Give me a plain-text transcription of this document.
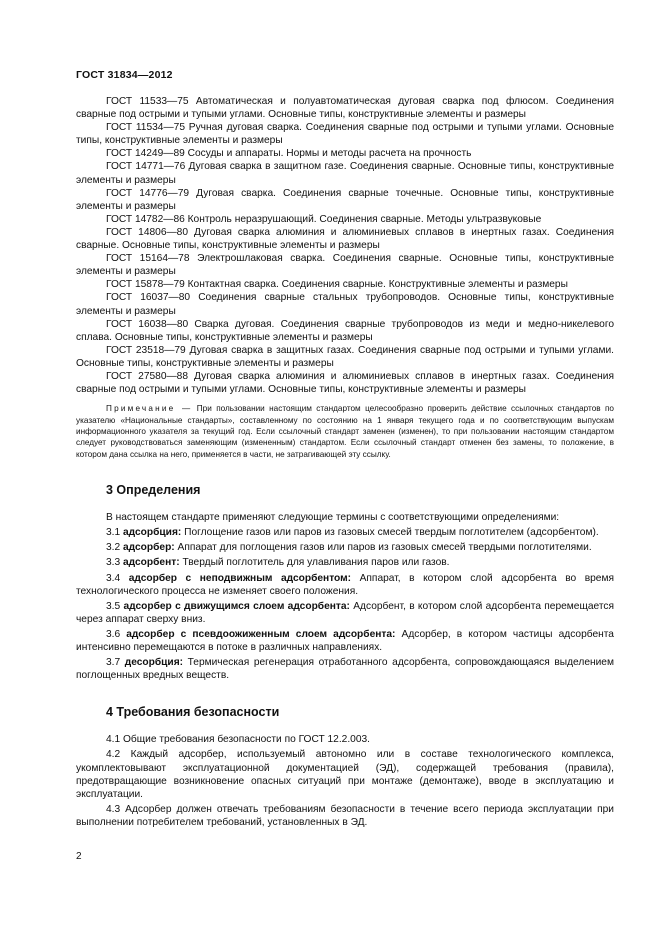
ГОСТ 31834—2012

ГОСТ 11533—75 Автоматическая и полуавтоматическая дуговая сварка под флюсом. Соединения сварные под острыми и тупыми углами. Основные типы, конструктивные элементы и размеры

ГОСТ 11534—75 Ручная дуговая сварка. Соединения сварные под острыми и тупыми углами. Основные типы, конструктивные элементы и размеры

ГОСТ 14249—89 Сосуды и аппараты. Нормы и методы расчета на прочность

ГОСТ 14771—76 Дуговая сварка в защитном газе. Соединения сварные. Основные типы, конструктивные элементы и размеры

ГОСТ 14776—79 Дуговая сварка. Соединения сварные точечные. Основные типы, конструктивные элементы и размеры

ГОСТ 14782—86 Контроль неразрушающий. Соединения сварные. Методы ультразвуковые

ГОСТ 14806—80 Дуговая сварка алюминия и алюминиевых сплавов в инертных газах. Соединения сварные. Основные типы, конструктивные элементы и размеры

ГОСТ 15164—78 Электрошлаковая сварка. Соединения сварные. Основные типы, конструктивные элементы и размеры

ГОСТ 15878—79 Контактная сварка. Соединения сварные. Конструктивные элементы и размеры

ГОСТ 16037—80 Соединения сварные стальных трубопроводов. Основные типы, конструктивные элементы и размеры

ГОСТ 16038—80 Сварка дуговая. Соединения сварные трубопроводов из меди и медно-никелевого сплава. Основные типы, конструктивные элементы и размеры

ГОСТ 23518—79 Дуговая сварка в защитных газах. Соединения сварные под острыми и тупыми углами. Основные типы, конструктивные элементы и размеры

ГОСТ 27580—88 Дуговая сварка алюминия и алюминиевых сплавов в инертных газах. Соединения сварные под острыми и тупыми углами. Основные типы, конструктивные элементы и размеры

Примечание — При пользовании настоящим стандартом целесообразно проверить действие ссылочных стандартов по указателю «Национальные стандарты», составленному по состоянию на 1 января текущего года и по соответствующим выпускам информационного указателя за текущий год. Если ссылочный стандарт заменен (изменен), то при пользовании настоящим стандартом следует руководствоваться заменяющим (измененным) стандартом. Если ссылочный стандарт отменен без замены, то положение, в котором дана ссылка на него, применяется в части, не затрагивающей эту ссылку.

3 Определения

В настоящем стандарте применяют следующие термины с соответствующими определениями:

3.1 адсорбция: Поглощение газов или паров из газовых смесей твердым поглотителем (адсорбентом).

3.2 адсорбер: Аппарат для поглощения газов или паров из газовых смесей твердыми поглотителями.

3.3 адсорбент: Твердый поглотитель для улавливания паров или газов.

3.4 адсорбер с неподвижным адсорбентом: Аппарат, в котором слой адсорбента во время технологического процесса не изменяет своего положения.

3.5 адсорбер с движущимся слоем адсорбента: Адсорбент, в котором слой адсорбента перемещается через аппарат сверху вниз.

3.6 адсорбер с псевдоожиженным слоем адсорбента: Адсорбер, в котором частицы адсорбента интенсивно перемещаются в потоке в различных направлениях.

3.7 десорбция: Термическая регенерация отработанного адсорбента, сопровождающаяся выделением поглощенных вредных веществ.

4 Требования безопасности

4.1 Общие требования безопасности по ГОСТ 12.2.003.

4.2 Каждый адсорбер, используемый автономно или в составе технологического комплекса, укомплектовывают эксплуатационной документацией (ЭД), содержащей требования (правила), предотвращающие возникновение опасных ситуаций при монтаже (демонтаже), вводе в эксплуатацию и эксплуатации.

4.3 Адсорбер должен отвечать требованиям безопасности в течение всего периода эксплуатации при выполнении потребителем требований, установленных в ЭД.

2
